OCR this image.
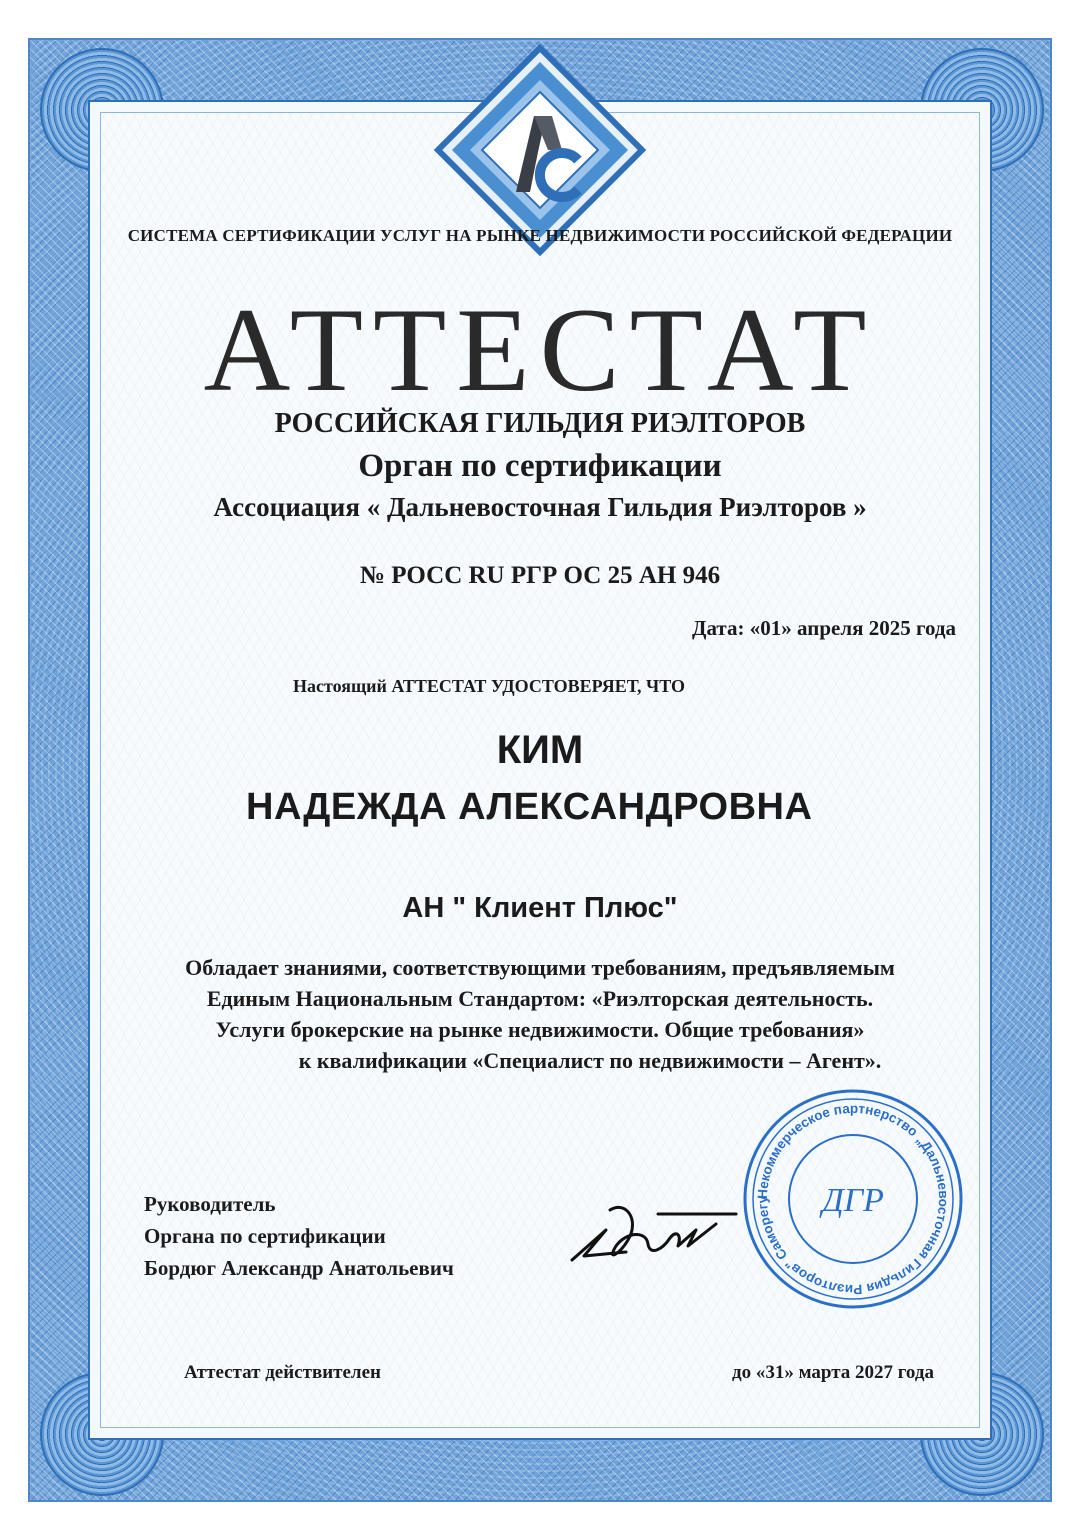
СИСТЕМА СЕРТИФИКАЦИИ УСЛУГ НА РЫНКЕ НЕДВИЖИМОСТИ РОССИЙСКОЙ ФЕДЕРАЦИИ
АТТЕСТАТ
РОССИЙСКАЯ ГИЛЬДИЯ РИЭЛТОРОВ
Орган по сертификации
Ассоциация « Дальневосточная Гильдия Риэлторов »
№ РОСС RU РГР ОС 25 АН 946
Дата: «01» апреля 2025 года
Настоящий АТТЕСТАТ УДОСТОВЕРЯЕТ, ЧТО
КИМ
НАДЕЖДА АЛЕКСАНДРОВНА
АН " Клиент Плюс"
Обладает знаниями, соответствующими требованиям, предъявляемым
Единым Национальным Стандартом: «Риэлторская деятельность.
Услуги брокерские на рынке недвижимости. Общие требования»
к квалификации «Специалист по недвижимости – Агент».
Руководитель
Органа по сертификации
Бордюг Александр Анатольевич
Некоммерческое партнерство „Дальневосточная Гильдия Риэлторов" Саморегу	ДГР
Аттестат действителен	до «31» марта 2027 года
